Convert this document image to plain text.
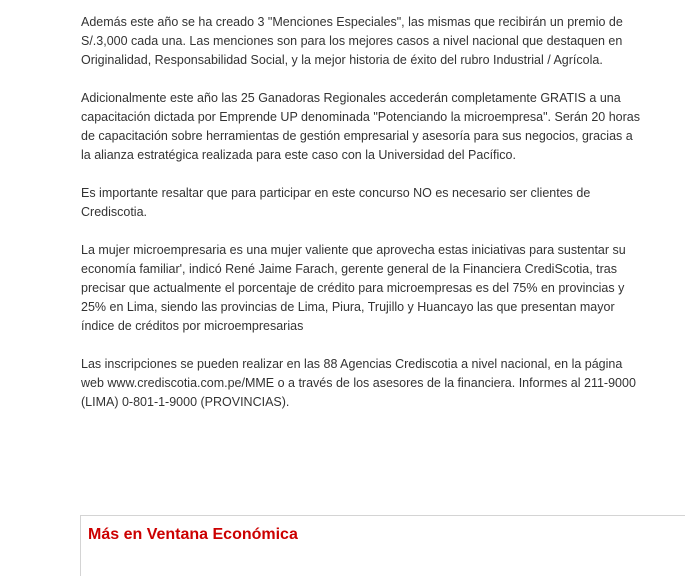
Además este año se ha creado 3 "Menciones Especiales", las mismas que recibirán un premio de S/.3,000 cada una. Las menciones son para los mejores casos a nivel nacional que destaquen en Originalidad, Responsabilidad Social, y la mejor historia de éxito del rubro Industrial / Agrícola.

Adicionalmente este año las 25 Ganadoras Regionales accederán completamente GRATIS a una capacitación dictada por Emprende UP denominada "Potenciando la microempresa". Serán 20 horas de capacitación sobre herramientas de gestión empresarial y asesoría para sus negocios, gracias a la alianza estratégica realizada para este caso con la Universidad del Pacífico.

Es importante resaltar que para participar en este concurso NO es necesario ser clientes de Crediscotia.

La mujer microempresaria es una mujer valiente que aprovecha estas iniciativas para sustentar su economía familiar', indicó René Jaime Farach, gerente general de la Financiera CrediScotia, tras precisar que actualmente el porcentaje de crédito para microempresas es del 75% en provincias y 25% en Lima, siendo las provincias de Lima, Piura, Trujillo y Huancayo las que presentan mayor índice de créditos por microempresarias

Las inscripciones se pueden realizar en las 88 Agencias Crediscotia a nivel nacional, en la página web www.crediscotia.com.pe/MME o a través de los asesores de la financiera. Informes al 211-9000 (LIMA) 0-801-1-9000 (PROVINCIAS).

Más en Ventana Económica
